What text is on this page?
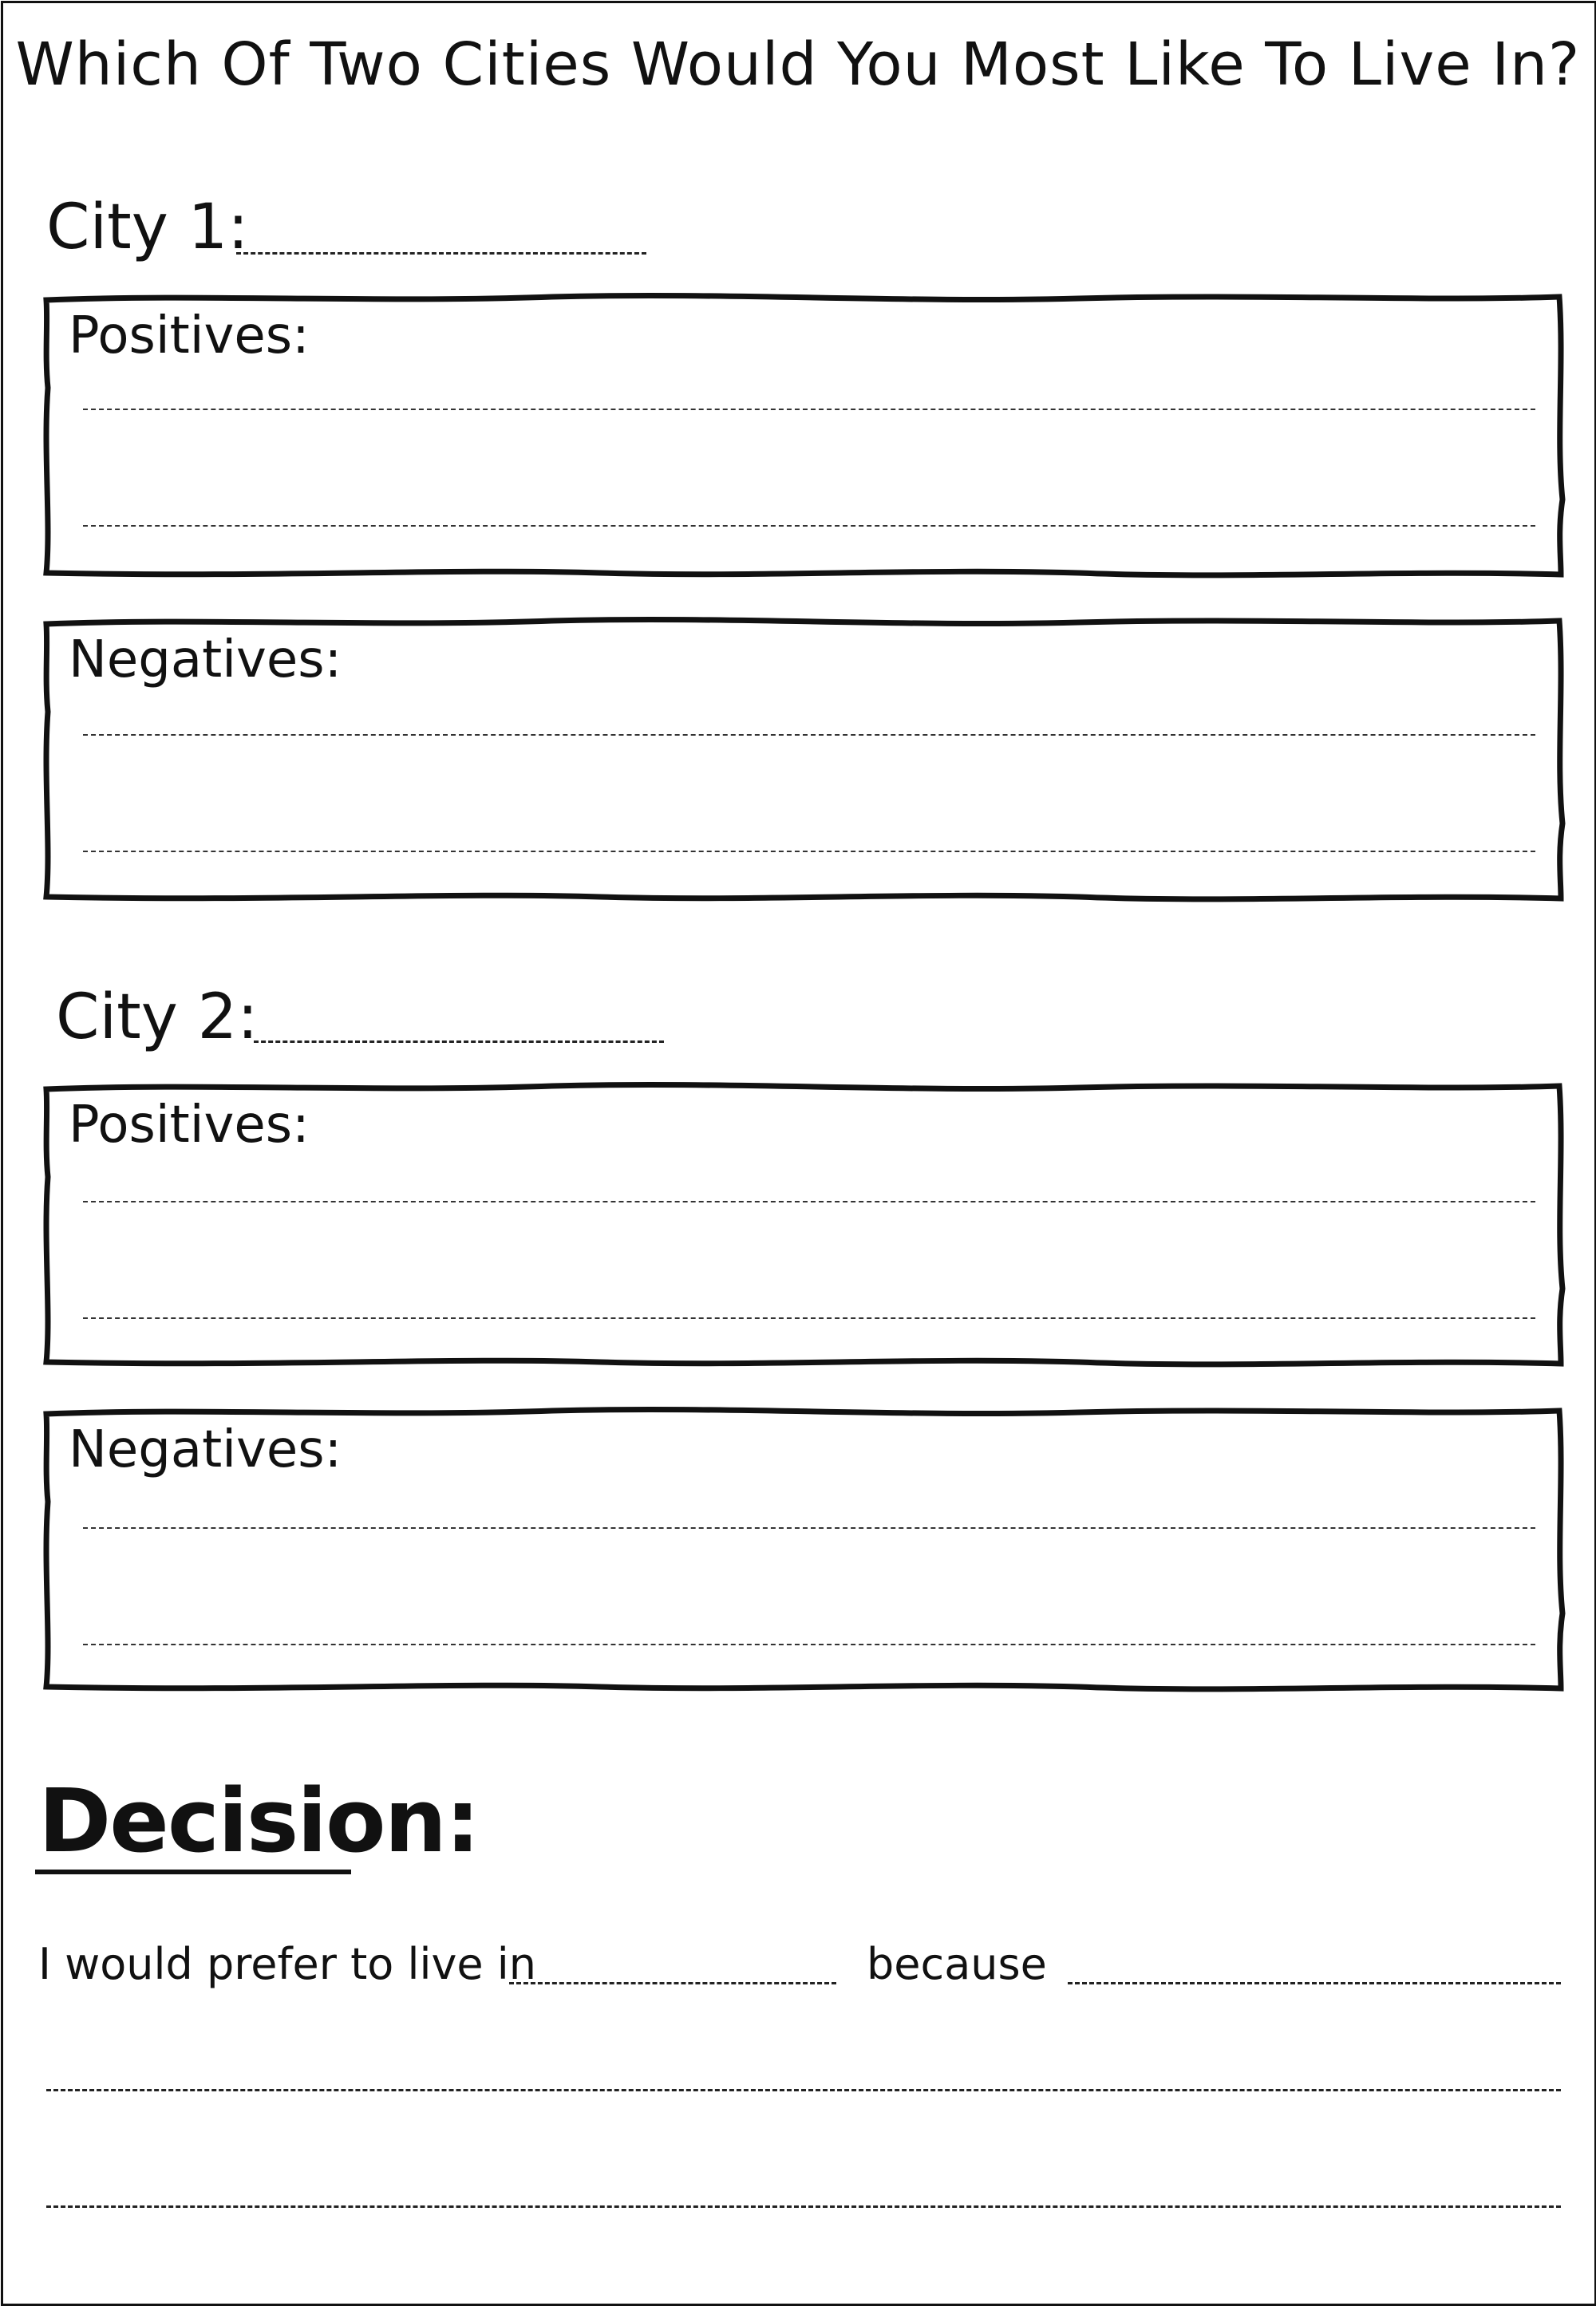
Which Of Two Cities Would You Most Like To Live In?
City 1:
Positives:
Negatives:
City 2:
Positives:
Negatives:
Decision:
I would prefer to live in	because
